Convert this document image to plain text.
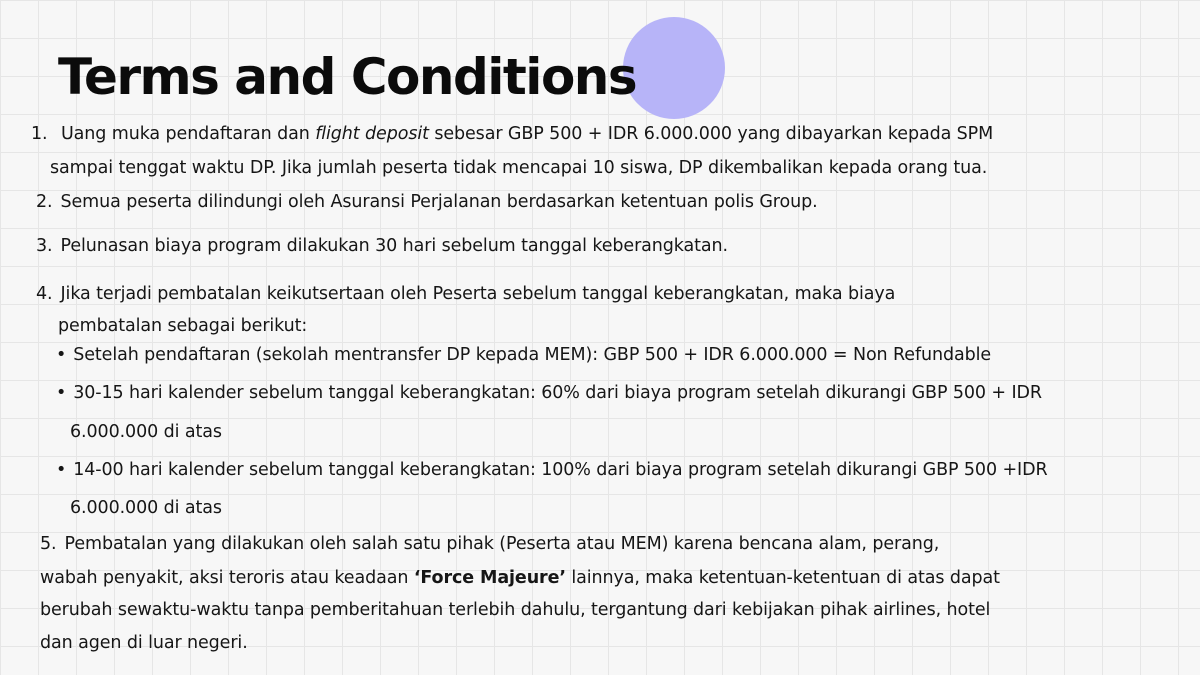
Terms and Conditions

1. Uang muka pendaftaran dan flight deposit sebesar GBP 500 + IDR 6.000.000 yang dibayarkan kepada SPM

sampai tenggat waktu DP. Jika jumlah peserta tidak mencapai 10 siswa, DP dikembalikan kepada orang tua.

2. Semua peserta dilindungi oleh Asuransi Perjalanan berdasarkan ketentuan polis Group.

3. Pelunasan biaya program dilakukan 30 hari sebelum tanggal keberangkatan.

4. Jika terjadi pembatalan keikutsertaan oleh Peserta sebelum tanggal keberangkatan, maka biaya

pembatalan sebagai berikut:

• Setelah pendaftaran (sekolah mentransfer DP kepada MEM): GBP 500 + IDR 6.000.000 = Non Refundable

• 30-15 hari kalender sebelum tanggal keberangkatan: 60% dari biaya program setelah dikurangi GBP 500 + IDR

6.000.000 di atas

• 14-00 hari kalender sebelum tanggal keberangkatan: 100% dari biaya program setelah dikurangi GBP 500 +IDR

6.000.000 di atas

5. Pembatalan yang dilakukan oleh salah satu pihak (Peserta atau MEM) karena bencana alam, perang,

wabah penyakit, aksi teroris atau keadaan ‘Force Majeure’ lainnya, maka ketentuan-ketentuan di atas dapat

berubah sewaktu-waktu tanpa pemberitahuan terlebih dahulu, tergantung dari kebijakan pihak airlines, hotel

dan agen di luar negeri.
